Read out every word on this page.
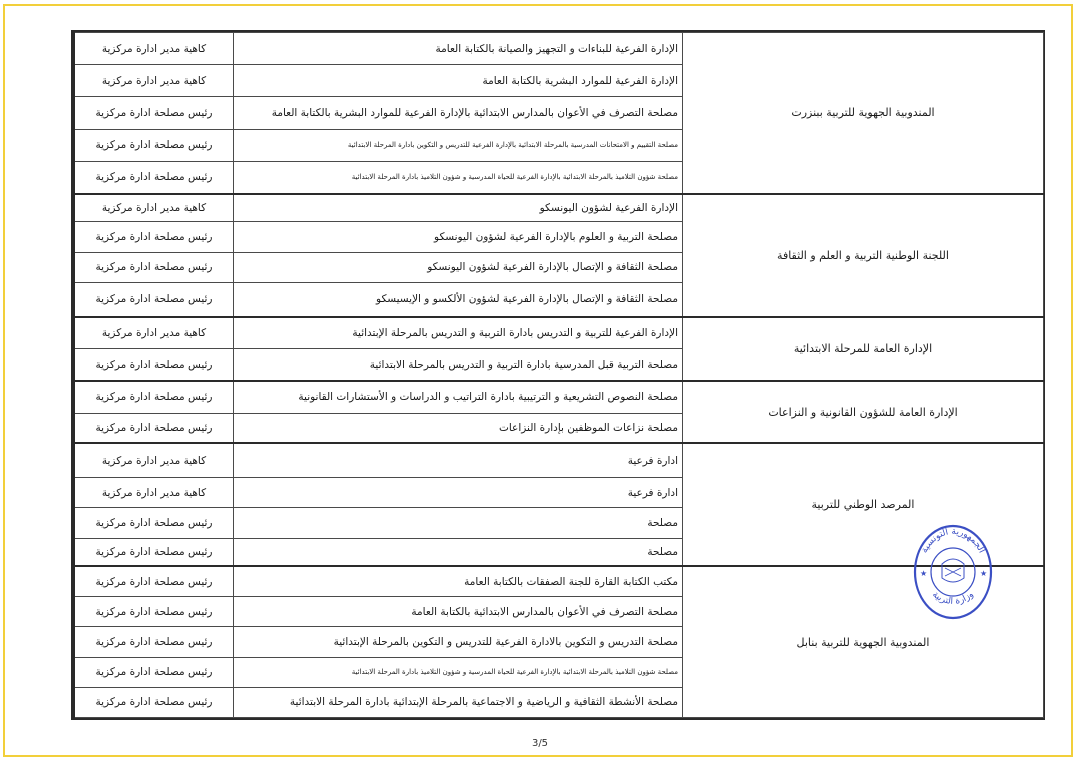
المندوبية الجهوية للتربية ببنزرت	الإدارة الفرعية للبناءات و التجهيز والصيانة بالكتابة العامة	كاهية مدير ادارة مركزية
	الإدارة الفرعية للموارد البشرية بالكتابة العامة	كاهية مدير ادارة مركزية
	مصلحة التصرف في الأعوان بالمدارس الابتدائية بالإدارة الفرعية للموارد البشرية بالكتابة العامة	رئيس مصلحة ادارة مركزية
	مصلحة التقييم و الامتحانات المدرسية بالمرحلة الابتدائية بالإدارة الفرعية للتدريس و التكوين بادارة المرحلة الابتدائية	رئيس مصلحة ادارة مركزية
	مصلحة شؤون التلاميذ بالمرحلة الابتدائية بالإدارة الفرعية للحياة المدرسية و شؤون التلاميذ بادارة المرحلة الابتدائية	رئيس مصلحة ادارة مركزية
اللجنة الوطنية التربية و العلم و الثقافة	الإدارة الفرعية لشؤون اليونسكو	كاهية مدير ادارة مركزية
	مصلحة التربية و العلوم بالإدارة الفرعية لشؤون اليونسكو	رئيس مصلحة ادارة مركزية
	مصلحة الثقافة و الإتصال بالإدارة الفرعية لشؤون اليونسكو	رئيس مصلحة ادارة مركزية
	مصلحة الثقافة و الإتصال بالإدارة الفرعية لشؤون الألكسو و الإيسيسكو	رئيس مصلحة ادارة مركزية
الإدارة العامة للمرحلة الابتدائية	الإدارة الفرعية للتربية و التدريس بادارة التربية و التدريس بالمرحلة الإبتدائية	كاهية مدير ادارة مركزية
	مصلحة التربية قبل المدرسية بادارة التربية و التدريس بالمرحلة الابتدائية	رئيس مصلحة ادارة مركزية
الإدارة العامة للشؤون القانونية و النزاعات	مصلحة النصوص التشريعية و الترتيبية بادارة التراتيب و الدراسات و الأستشارات القانونية	رئيس مصلحة ادارة مركزية
	مصلحة نزاعات الموظفين بإدارة النزاعات	رئيس مصلحة ادارة مركزية
المرصد الوطني للتربية	ادارة فرعية	كاهية مدير ادارة مركزية
	ادارة فرعية	كاهية مدير ادارة مركزية
	مصلحة	رئيس مصلحة ادارة مركزية
	مصلحة	رئيس مصلحة ادارة مركزية
المندوبية الجهوية للتربية بنابل	مكتب الكتابة القارة للجنة الصفقات بالكتابة العامة	رئيس مصلحة ادارة مركزية
	مصلحة التصرف في الأعوان بالمدارس الابتدائية بالكتابة العامة	رئيس مصلحة ادارة مركزية
	مصلحة التدريس و التكوين بالادارة الفرعية للتدريس و التكوين بالمرحلة الإبتدائية	رئيس مصلحة ادارة مركزية
	مصلحة شؤون التلاميذ بالمرحلة الابتدائية بالإدارة الفرعية للحياة المدرسية و شؤون التلاميذ بادارة المرحلة الابتدائية	رئيس مصلحة ادارة مركزية
	مصلحة الأنشطة الثقافية و الرياضية و الاجتماعية بالمرحلة الإبتدائية بادارة المرحلة الابتدائية	رئيس مصلحة ادارة مركزية
الجمهورية التونسية
وزارة التربية
★	★
3/5
